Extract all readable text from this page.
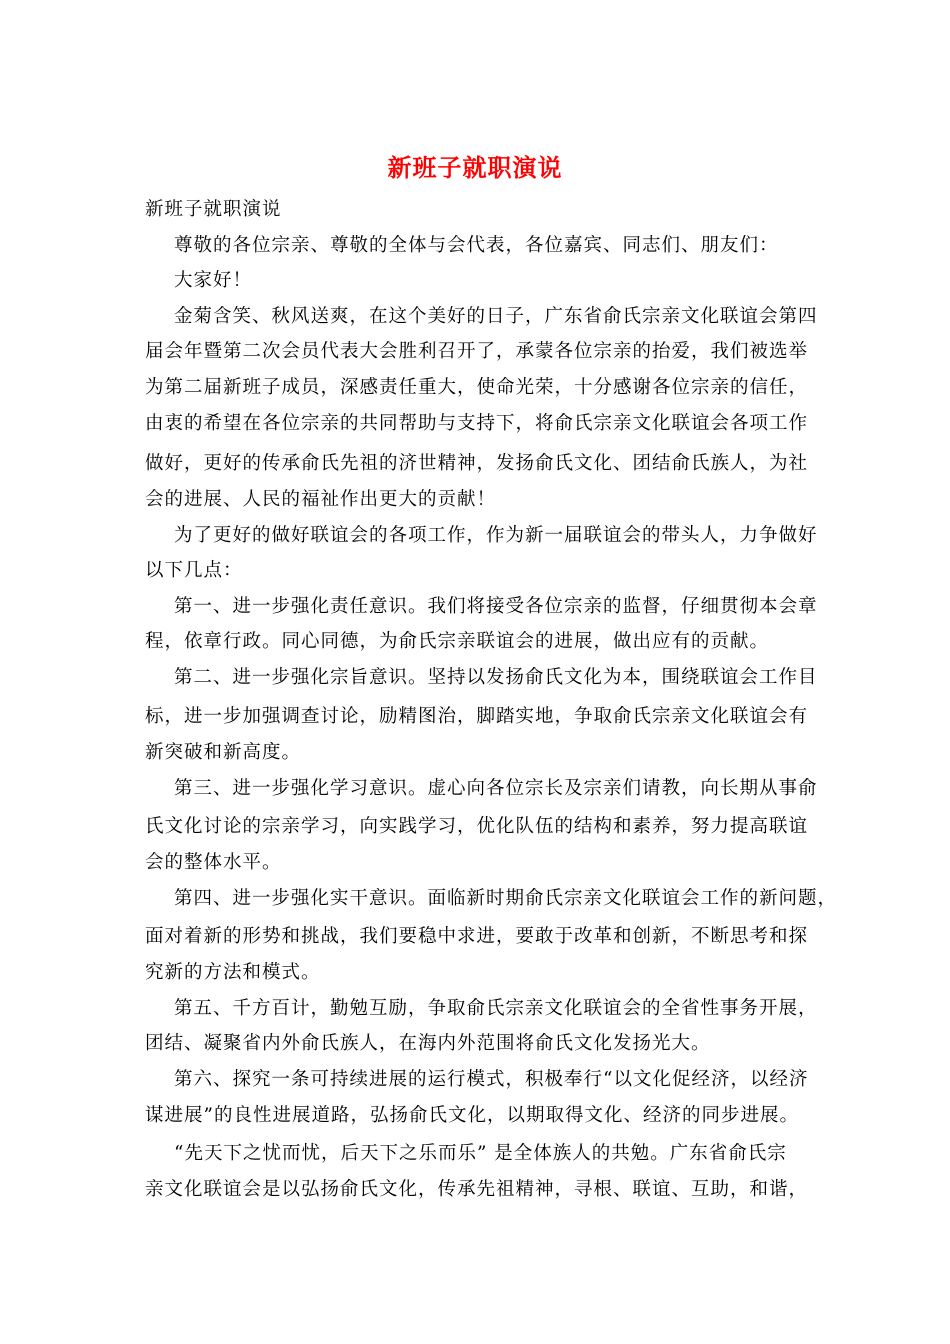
新班子就职演说
新班子就职演说
尊敬的各位宗亲、尊敬的全体与会代表，各位嘉宾、同志们、朋友们：
大家好！
金菊含笑、秋风送爽，在这个美好的日子，广东省俞氏宗亲文化联谊会第四
届会年暨第二次会员代表大会胜利召开了，承蒙各位宗亲的抬爱，我们被选举
为第二届新班子成员，深感责任重大，使命光荣，十分感谢各位宗亲的信任，
由衷的希望在各位宗亲的共同帮助与支持下，将俞氏宗亲文化联谊会各项工作
做好，更好的传承俞氏先祖的济世精神，发扬俞氏文化、团结俞氏族人，为社
会的进展、人民的福祉作出更大的贡献！
为了更好的做好联谊会的各项工作，作为新一届联谊会的带头人，力争做好
以下几点：
第一、进一步强化责任意识。我们将接受各位宗亲的监督，仔细贯彻本会章
程，依章行政。同心同德，为俞氏宗亲联谊会的进展，做出应有的贡献。
第二、进一步强化宗旨意识。坚持以发扬俞氏文化为本，围绕联谊会工作目
标，进一步加强调查讨论，励精图治，脚踏实地，争取俞氏宗亲文化联谊会有
新突破和新高度。
第三、进一步强化学习意识。虚心向各位宗长及宗亲们请教，向长期从事俞
氏文化讨论的宗亲学习，向实践学习，优化队伍的结构和素养，努力提高联谊
会的整体水平。
第四、进一步强化实干意识。面临新时期俞氏宗亲文化联谊会工作的新问题，
面对着新的形势和挑战，我们要稳中求进，要敢于改革和创新，不断思考和探
究新的方法和模式。
第五、千方百计，勤勉互励，争取俞氏宗亲文化联谊会的全省性事务开展，
团结、凝聚省内外俞氏族人，在海内外范围将俞氏文化发扬光大。
第六、探究一条可持续进展的运行模式，积极奉行“以文化促经济，以经济
谋进展”的良性进展道路，弘扬俞氏文化，以期取得文化、经济的同步进展。
“先天下之忧而忧，后天下之乐而乐” 是全体族人的共勉。广东省俞氏宗
亲文化联谊会是以弘扬俞氏文化，传承先祖精神，寻根、联谊、互助，和谐，
